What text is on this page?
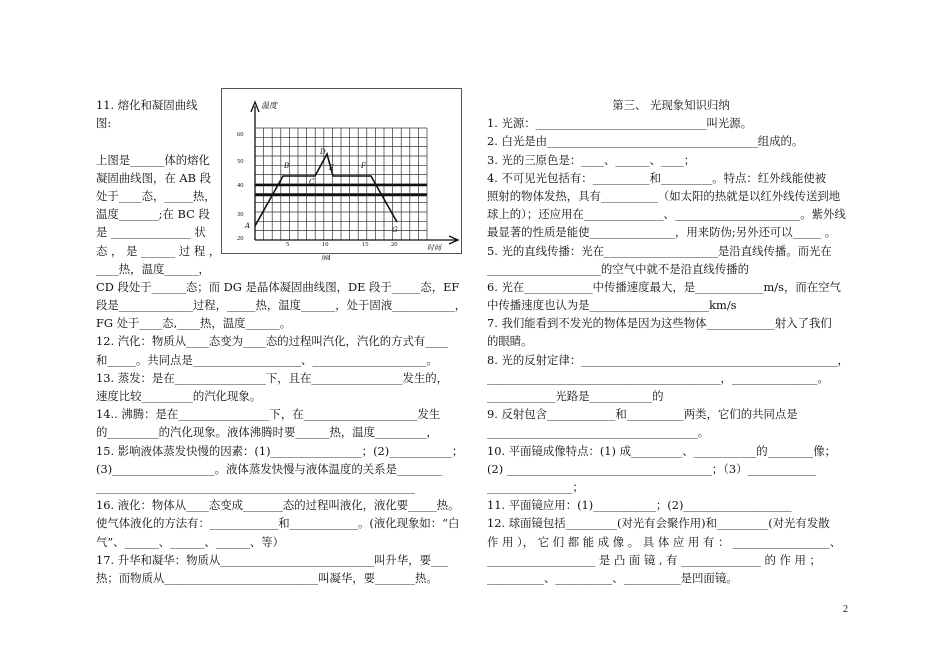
11. 熔化和凝固曲线
图:
上图是______体的熔化
凝固曲线图，在 AB 段
处于____态，_____热，
温度_______;在 BC 段
是 ______________ 状
态 ， 是 ______ 过 程 ，
____热，温度______，
CD 段处于______态；而 DG 是晶体凝固曲线图，DE 段于_____态，EF
段是_____________过程，_____热，温度______，处于固液___________，
FG 处于____态,____热，温度______。
12. 汽化：物质从____态变为____态的过程叫汽化，汽化的方式有____
和_____。共同点是___________________、____________________。
13. 蒸发：是在________________下，且在________________发生的，
速度比较_________的汽化现象。
14.. 沸腾：是在________________下，在____________________发生
的_________的汽化现象。液体沸腾时要______热，温度_________，
15. 影响液体蒸发快慢的因素：(1)________________；(2)___________；
(3)__________________。液体蒸发快慢与液体温度的关系是________
________________________________________________________
16. 液化：物体从____态变成_______态的过程叫液化，液化要_____热。
使气体液化的方法有：____________和____________。(液化现象如：“白
气”、______、______、______、等）
17. 升华和凝华：物质从___________________________叫升华，要___
热；而物质从___________________________叫凝华，要_______热。
温度
时间
图4
60
50
40
30
20
5	10	15	20
A
B
C
D
E	F
G
第三、 光现象知识归纳
1. 光源：______________________________叫光源。
2. 白光是由_____________________________________组成的。
3. 光的三原色是：____、______、____；
4. 不可见光包括有：__________和_________。特点：红外线能使被
照射的物体发热，具有__________（如太阳的热就是以红外线传送到地
球上的）；还应用在______________、______________________。紫外线
最显著的性质是能使_______________，用来防伪;另外还可以_____ 。
5. 光的直线传播：光在____________________是沿直线传播。而光在
____________________的空气中就不是沿直线传播的
6. 光在____________中传播速度最大，是____________m/s，而在空气
中传播速度也认为是_____________________km/s
7. 我们能看到不发光的物体是因为这些物体____________射入了我们
的眼睛。
8. 光的反射定律：_____________________________________________，
_________________________________________，_______________。
____________光路是___________的
9. 反射包含____________和__________两类，它们的共同点是
_____________________________________。
10. 平面镜成像特点：(1) 成_________、___________的________像；
(2) ____________________________________；（3）____________
_______________；
11. 平面镜应用：(1)___________；(2)___________________
12. 球面镜包括_________(对光有会聚作用)和_________(对光有发散
作 用 ）， 它 们 都 能 成 像 。 具 体 应 用 有 ： _________________、
___________________ 是 凸 面 镜 , 有 ______________ 的 作 用 ；
__________、__________、__________是凹面镜。
2
